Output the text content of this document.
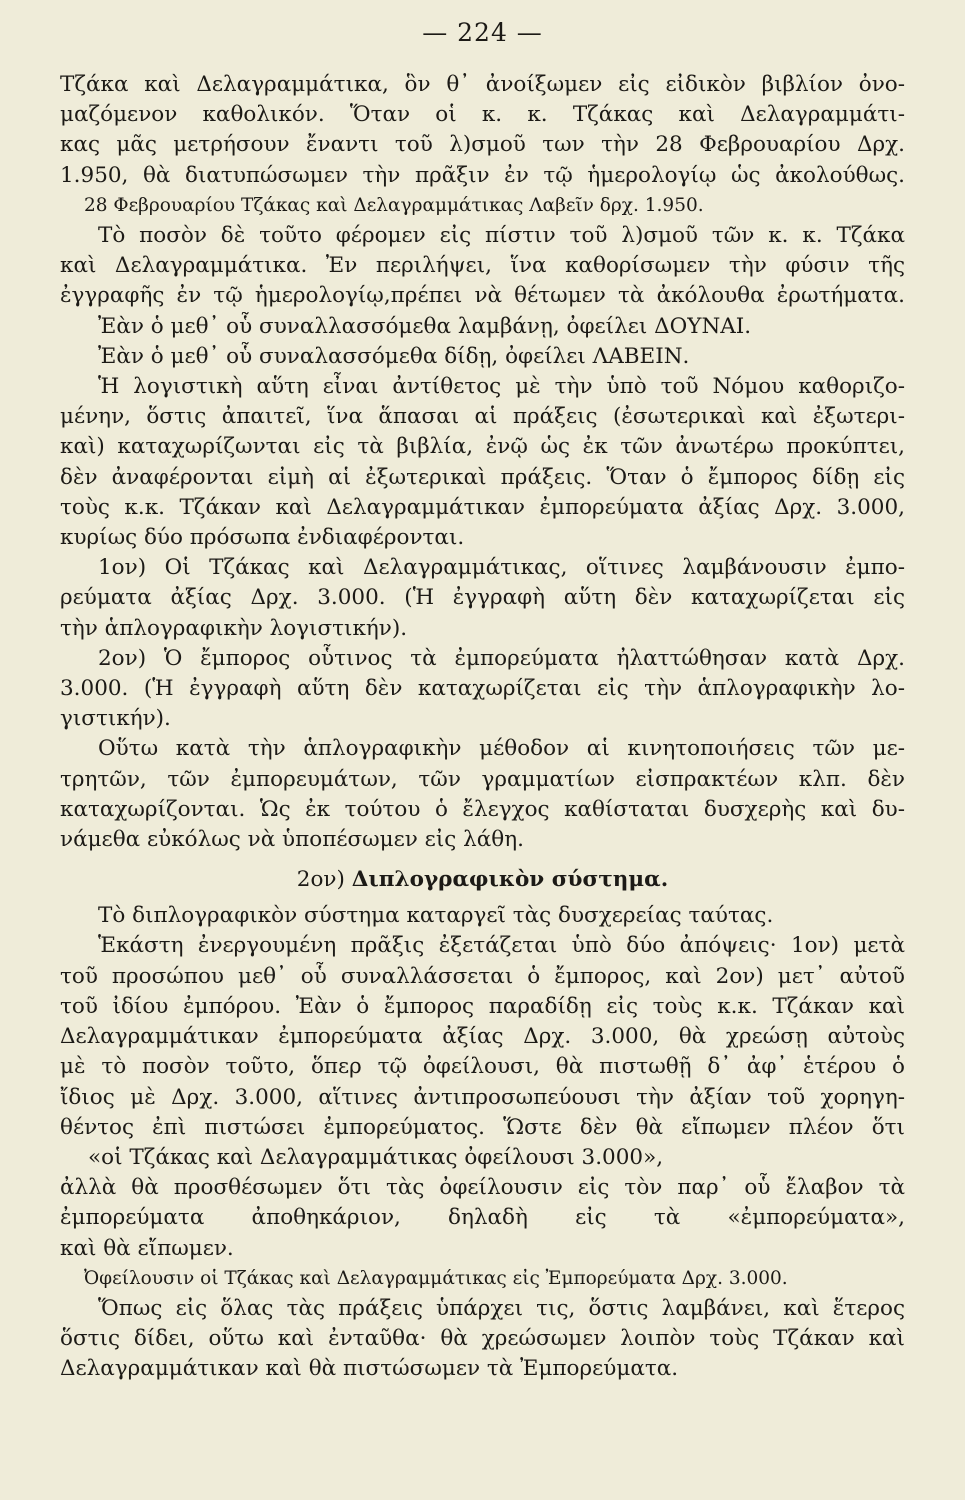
— 224 —
Τζάκα καὶ Δελαγραμμάτικα, ὃν θ᾽ ἀνοίξωμεν εἰς εἰδικὸν βιβλίον ὀνο-
μαζόμενον καθολικόν. Ὅταν οἱ κ. κ. Τζάκας καὶ Δελαγραμμάτι-
κας μᾶς μετρήσουν ἔναντι τοῦ λ)σμοῦ των τὴν 28 Φεβρουαρίου Δρχ.
1.950, θὰ διατυπώσωμεν τὴν πρᾶξιν ἐν τῷ ἡμερολογίῳ ὡς ἀκολούθως.
28 Φεβρουαρίου Τζάκας καὶ Δελαγραμμάτικας Λαβεῖν δρχ. 1.950.
Τὸ ποσὸν δὲ τοῦτο φέρομεν εἰς πίστιν τοῦ λ)σμοῦ τῶν κ. κ. Τζάκα
καὶ Δελαγραμμάτικα. Ἐν περιλήψει, ἵνα καθορίσωμεν τὴν φύσιν τῆς
ἐγγραφῆς ἐν τῷ ἡμερολογίῳ,πρέπει νὰ θέτωμεν τὰ ἀκόλουθα ἐρωτήματα.
Ἐὰν ὁ μεθ᾽ οὗ συναλλασσόμεθα λαμβάνῃ, ὀφείλει ΔΟΥΝΑΙ.
Ἐὰν ὁ μεθ᾽ οὗ συναλασσόμεθα δίδῃ, ὀφείλει ΛΑΒΕΙΝ.
Ἡ λογιστικὴ αὕτη εἶναι ἀντίθετος μὲ τὴν ὑπὸ τοῦ Νόμου καθοριζο-
μένην, ὅστις ἀπαιτεῖ, ἵνα ἅπασαι αἱ πράξεις (ἐσωτερικαὶ καὶ ἐξωτερι-
καὶ) καταχωρίζωνται εἰς τὰ βιβλία, ἐνῷ ὡς ἐκ τῶν ἀνωτέρω προκύπτει,
δὲν ἀναφέρονται εἰμὴ αἱ ἐξωτερικαὶ πράξεις. Ὅταν ὁ ἔμπορος δίδῃ εἰς
τοὺς κ.κ. Τζάκαν καὶ Δελαγραμμάτικαν ἐμπορεύματα ἀξίας Δρχ. 3.000,
κυρίως δύο πρόσωπα ἐνδιαφέρονται.
1ον) Οἱ Τζάκας καὶ Δελαγραμμάτικας, οἵτινες λαμβάνουσιν ἐμπο-
ρεύματα ἀξίας Δρχ. 3.000. (Ἡ ἐγγραφὴ αὕτη δὲν καταχωρίζεται εἰς
τὴν ἁπλογραφικὴν λογιστικήν).
2ον) Ὁ ἔμπορος οὗτινος τὰ ἐμπορεύματα ἠλαττώθησαν κατὰ Δρχ.
3.000. (Ἡ ἐγγραφὴ αὕτη δὲν καταχωρίζεται εἰς τὴν ἁπλογραφικὴν λο-
γιστικήν).
Οὕτω κατὰ τὴν ἁπλογραφικὴν μέθοδον αἱ κινητοποιήσεις τῶν με-
τρητῶν, τῶν ἐμπορευμάτων, τῶν γραμματίων εἰσπρακτέων κλπ. δὲν
καταχωρίζονται. Ὡς ἐκ τούτου ὁ ἔλεγχος καθίσταται δυσχερὴς καὶ δυ-
νάμεθα εὐκόλως νὰ ὑποπέσωμεν εἰς λάθη.
2ον) Διπλογραφικὸν σύστημα.
Τὸ διπλογραφικὸν σύστημα καταργεῖ τὰς δυσχερείας ταύτας.
Ἑκάστη ἐνεργουμένη πρᾶξις ἐξετάζεται ὑπὸ δύο ἀπόψεις· 1ον) μετὰ
τοῦ προσώπου μεθ᾽ οὗ συναλλάσσεται ὁ ἔμπορος, καὶ 2ον) μετ᾽ αὐτοῦ
τοῦ ἰδίου ἐμπόρου. Ἐὰν ὁ ἔμπορος παραδίδῃ εἰς τοὺς κ.κ. Τζάκαν καὶ
Δελαγραμμάτικαν ἐμπορεύματα ἀξίας Δρχ. 3.000, θὰ χρεώσῃ αὐτοὺς
μὲ τὸ ποσὸν τοῦτο, ὅπερ τῷ ὀφείλουσι, θὰ πιστωθῇ δ᾽ ἀφ᾽ ἑτέρου ὁ
ἴδιος μὲ Δρχ. 3.000, αἵτινες ἀντιπροσωπεύουσι τὴν ἀξίαν τοῦ χορηγη-
θέντος ἐπὶ πιστώσει ἐμπορεύματος. Ὥστε δὲν θὰ εἴπωμεν πλέον ὅτι
«οἱ Τζάκας καὶ Δελαγραμμάτικας ὀφείλουσι 3.000»,
ἀλλὰ θὰ προσθέσωμεν ὅτι τὰς ὀφείλουσιν εἰς τὸν παρ᾽ οὗ ἔλαβον τὰ
ἐμπορεύματα ἀποθηκάριον, δηλαδὴ εἰς τὰ «ἐμπορεύματα»,
καὶ θὰ εἴπωμεν.
Ὀφείλουσιν οἱ Τζάκας καὶ Δελαγραμμάτικας εἰς Ἐμπορεύματα Δρχ. 3.000.
Ὅπως εἰς ὅλας τὰς πράξεις ὑπάρχει τις, ὅστις λαμβάνει, καὶ ἕτερος
ὅστις δίδει, οὕτω καὶ ἐνταῦθα· θὰ χρεώσωμεν λοιπὸν τοὺς Τζάκαν καὶ
Δελαγραμμάτικαν καὶ θὰ πιστώσωμεν τὰ Ἐμπορεύματα.
